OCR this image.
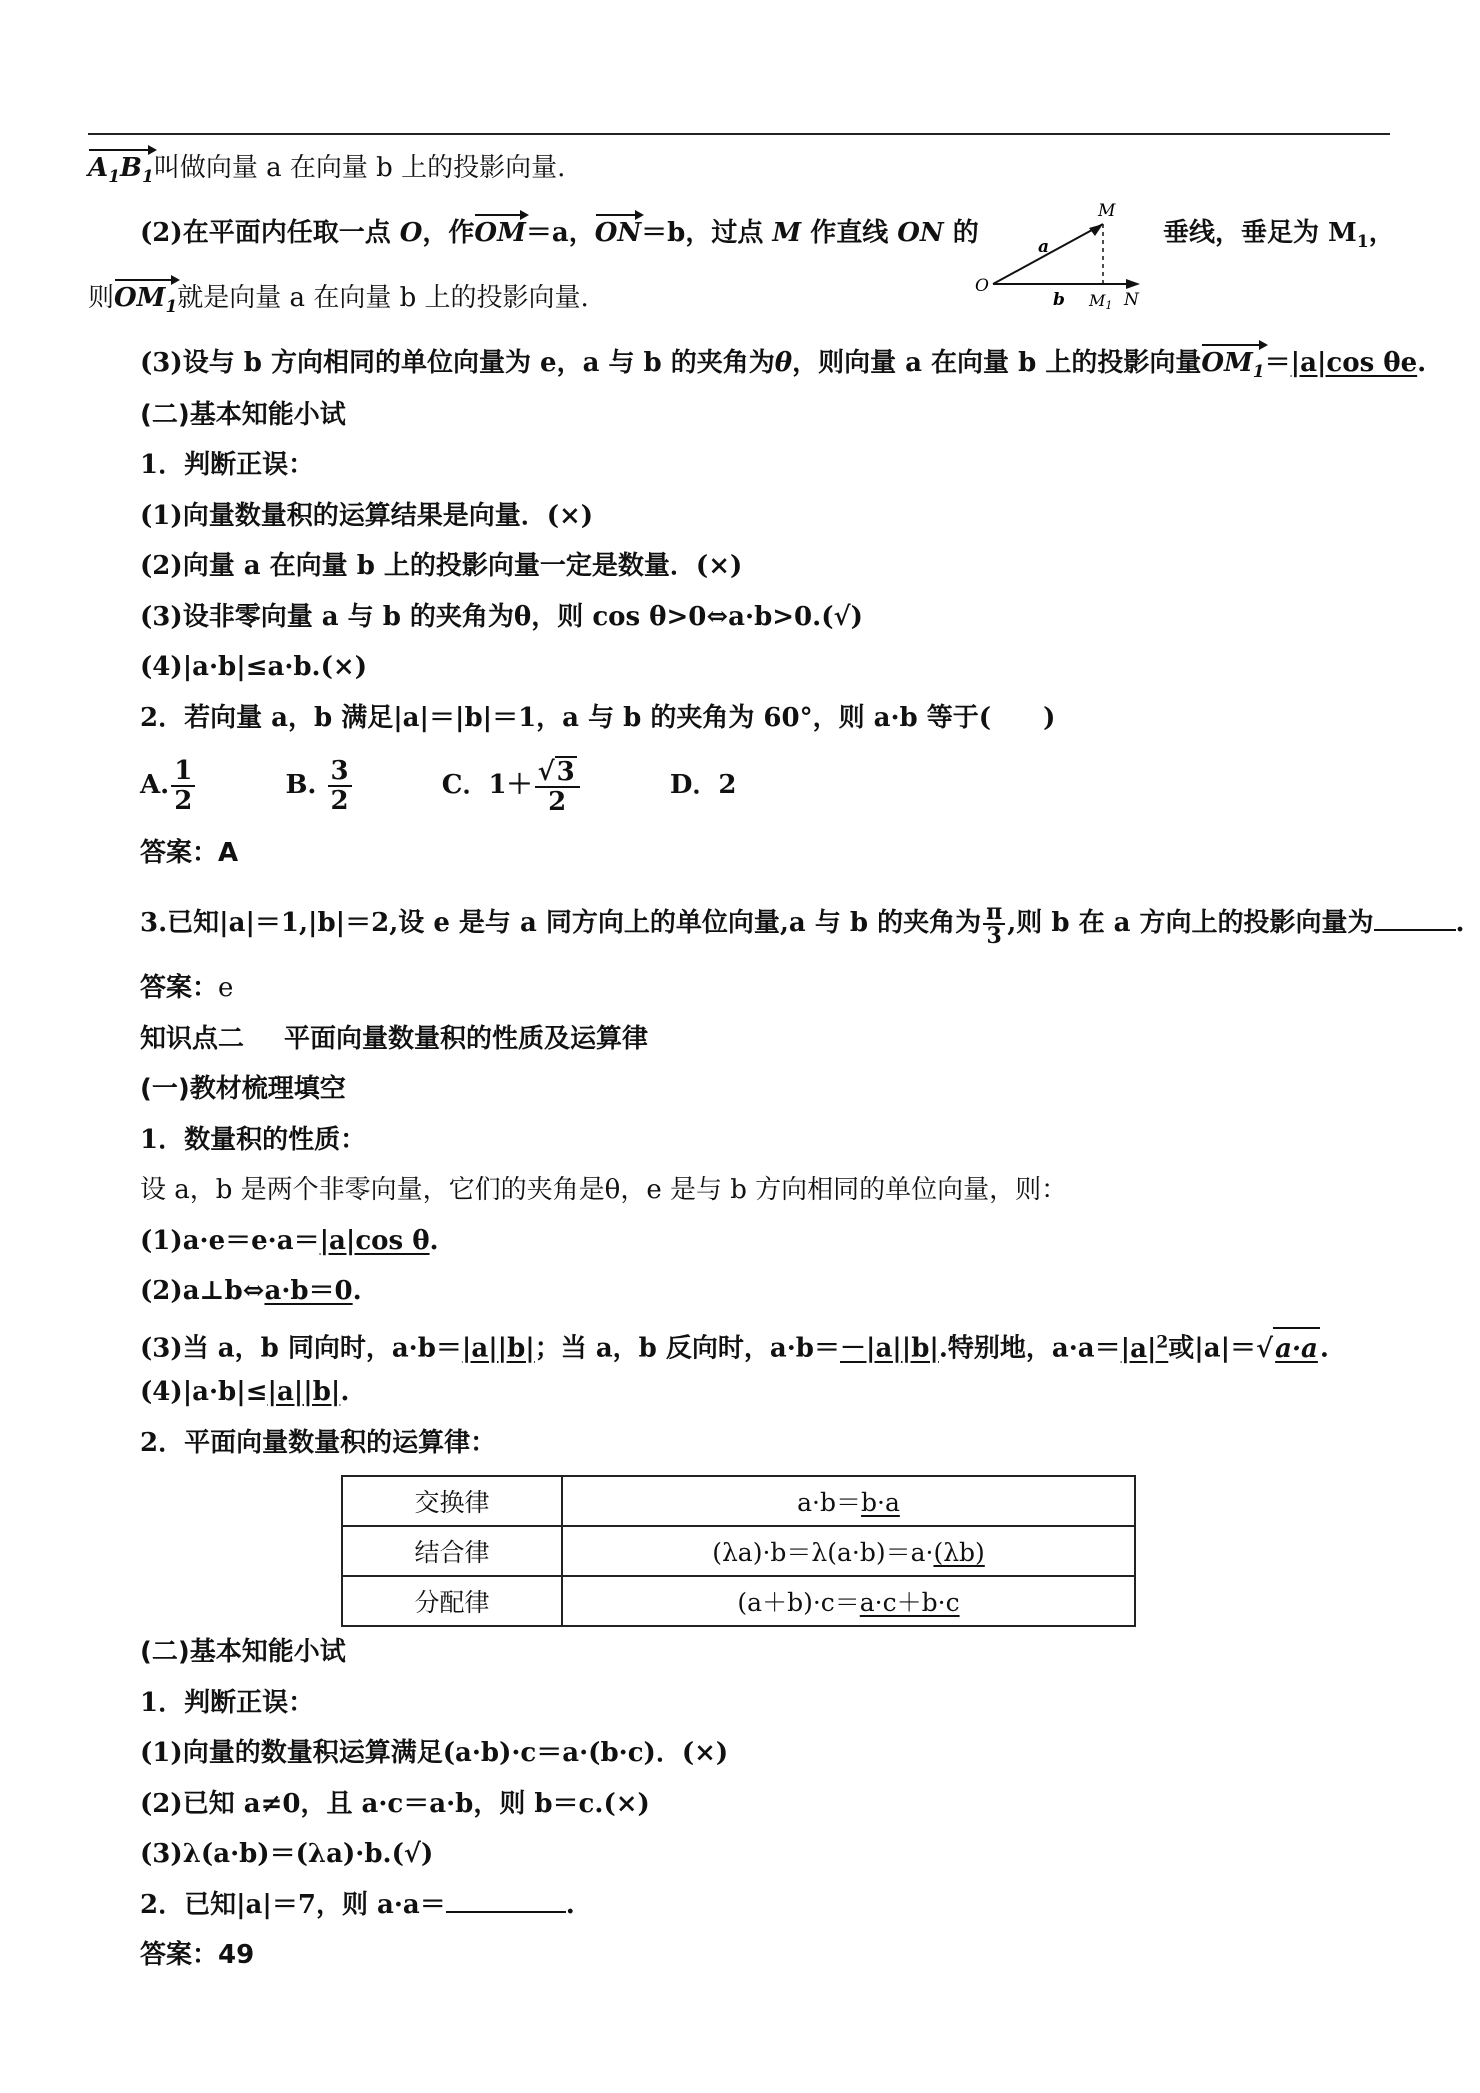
$A_1B_1$叫做向量 a 在向量 b 上的投影向量.
(2)在平面内任取一点 O，作OM＝a，ON＝b，过点 M 作直线 ON 的	垂线，垂足为 $M_1$，
则$OM_1$就是向量 a 在向量 b 上的投影向量.
M
O
a
b M1 N
(3)设与 b 方向相同的单位向量为 e，a 与 b 的夹角为θ，则向量 a 在向量 b 上的投影向量$OM_1=|a|\cos$ θe.
(二)基本知能小试
1．判断正误：
(1)向量数量积的运算结果是向量．(×)
(2)向量 a 在向量 b 上的投影向量一定是数量．(×)
(3)设非零向量 a 与 b 的夹角为θ，则 cos θ>0⇔a·b>0.(√)
(4)|a·b|≤a·b.(×)
2．若向量 a，b 满足|a|＝|b|＝1，a 与 b 的夹角为 60°，则 a·b 等于(　　)
A. $\frac{1}{2}$	B. $\frac{3}{2}$	C．$1+ \frac{√3}{2}$	D．2
答案：A
3.已知|a|＝1,|b|＝2,设 e 是与 a 同方向上的单位向量,a 与 b 的夹角为 $\frac{\pi}{3}$ ,则 b 在 a 方向上的投影向量为	.
答案：e
知识点二 平面向量数量积的性质及运算律
(一)教材梳理填空
1．数量积的性质：
设 a，b 是两个非零向量，它们的夹角是θ，e 是与 b 方向相同的单位向量，则：
(1)a·e＝e·a＝|a|cos θ.
(2)a⊥b⇔a·b＝0.
(3)当 a，b 同向时，a·b＝|a||b|；当 a，b 反向时，a·b＝－|a||b|.特别地，$a\cdot a=|a|^2$或|a|＝√a·a.
(4)|a·b|≤|a||b|.
2．平面向量数量积的运算律：
交换律	a·b＝b·a
结合律	(λa)·b＝λ(a·b)＝a·(λb)
分配律	(a＋b)·c＝a·c＋b·c
(二)基本知能小试
1．判断正误：
(1)向量的数量积运算满足(a·b)·c＝a·(b·c)．(×)
(2)已知 a≠0，且 a·c＝a·b，则 b＝c.(×)
(3)λ(a·b)＝(λa)·b.(√)
2．已知|a|＝7，则 a·a＝	.
答案：49
